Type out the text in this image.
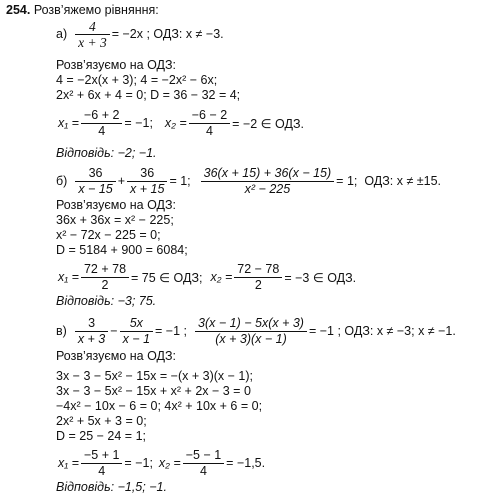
254. Розв’яжемо рівняння:
$а) \frac{4}{x + 3} = -2x$ ; ОДЗ: x ≠ −3.
Розв’язуємо на ОДЗ:
4 = −2x(x + 3); 4 = −2x² − 6x;
2x² + 6x + 4 = 0; D = 36 − 32 = 4;
$x_1 = \frac{-6 + 2}{4} = -1$; $x_2 = \frac{-6 - 2}{4} = -2$ ∈ ОДЗ.
Відповідь: −2; −1.
$б) \frac{36}{x - 15} + \frac{36}{x + 15} = 1$; $\frac{36(x + 15) + 36(x - 15)}{\text{x² − 225}} = 1$;  ОДЗ: x ≠ ±15.
Розв’язуємо на ОДЗ:
36x + 36x = x² − 225;
x² − 72x − 225 = 0;
D = 5184 + 900 = 6084;
$x_1 = \frac{72 + 78}{2} = 75$ ∈ ОДЗ; $x_2 = \frac{72 - 78}{2} = -3$ ∈ ОДЗ.
Відповідь: −3; 75.
$в) \frac{3}{x + 3} - \frac{5x}{x - 1} = -1$ ; $\frac{3(x - 1) - 5x(x + 3)}{(x + 3)(x - 1)} = -1$ ; ОДЗ: x ≠ −3; x ≠ −1.
Розв’язуємо на ОДЗ:
3x − 3 − 5x² − 15x = −(x + 3)(x − 1);
3x − 3 − 5x² − 15x + x² + 2x − 3 = 0
−4x² − 10x − 6 = 0; 4x² + 10x + 6 = 0;
2x² + 5x + 3 = 0;
D = 25 − 24 = 1;
$x_1 = \frac{-5 + 1}{4} = -1$; $x_2 = \frac{-5 - 1}{4} = -1,5$.
Відповідь: −1,5; −1.
